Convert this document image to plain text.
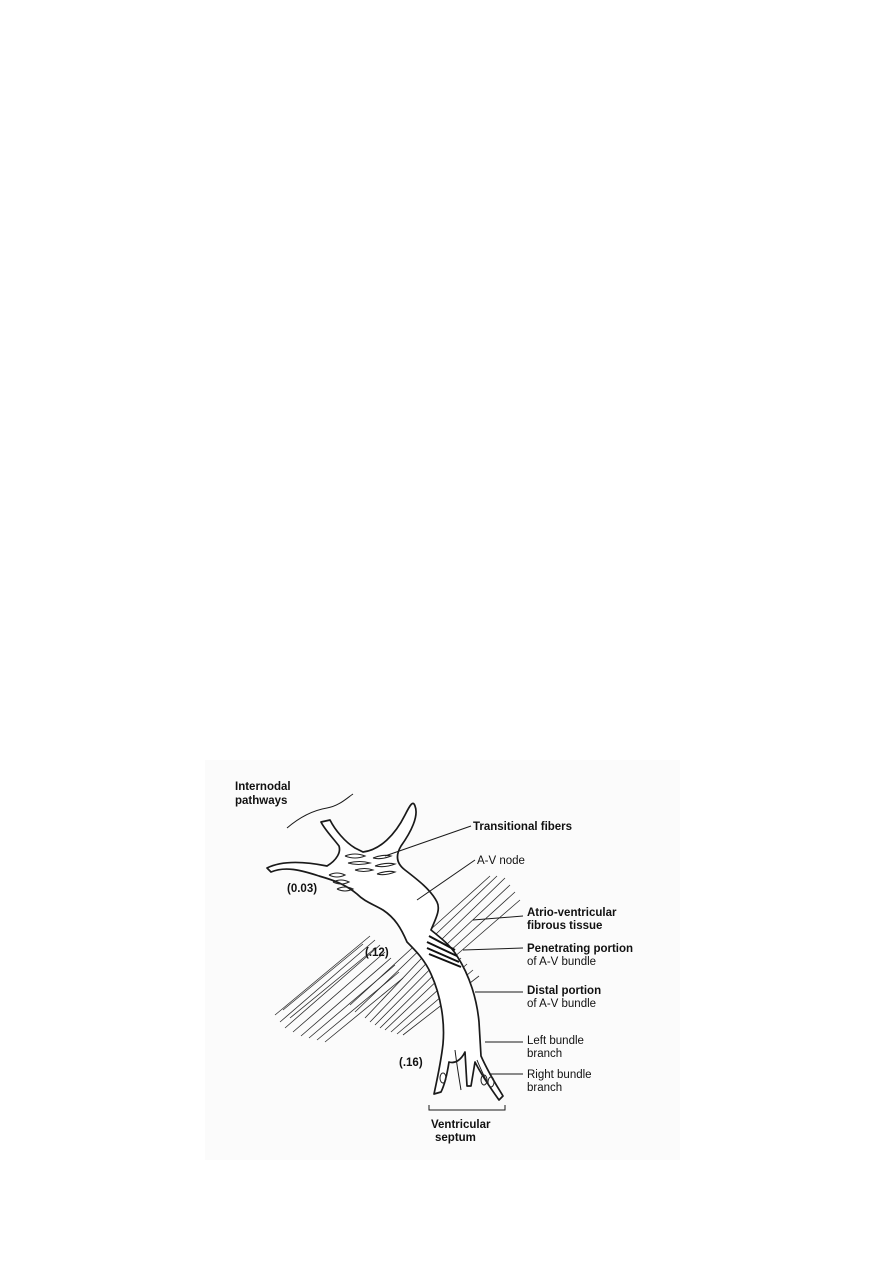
Internodal
pathways
Transitional fibers
A-V node
Atrio-ventricular
fibrous tissue
Penetrating portion
of A-V bundle
Distal portion
of A-V bundle
Left bundle
branch
Right bundle
branch
Ventricular
septum
(0.03)
(.12)
(.16)
